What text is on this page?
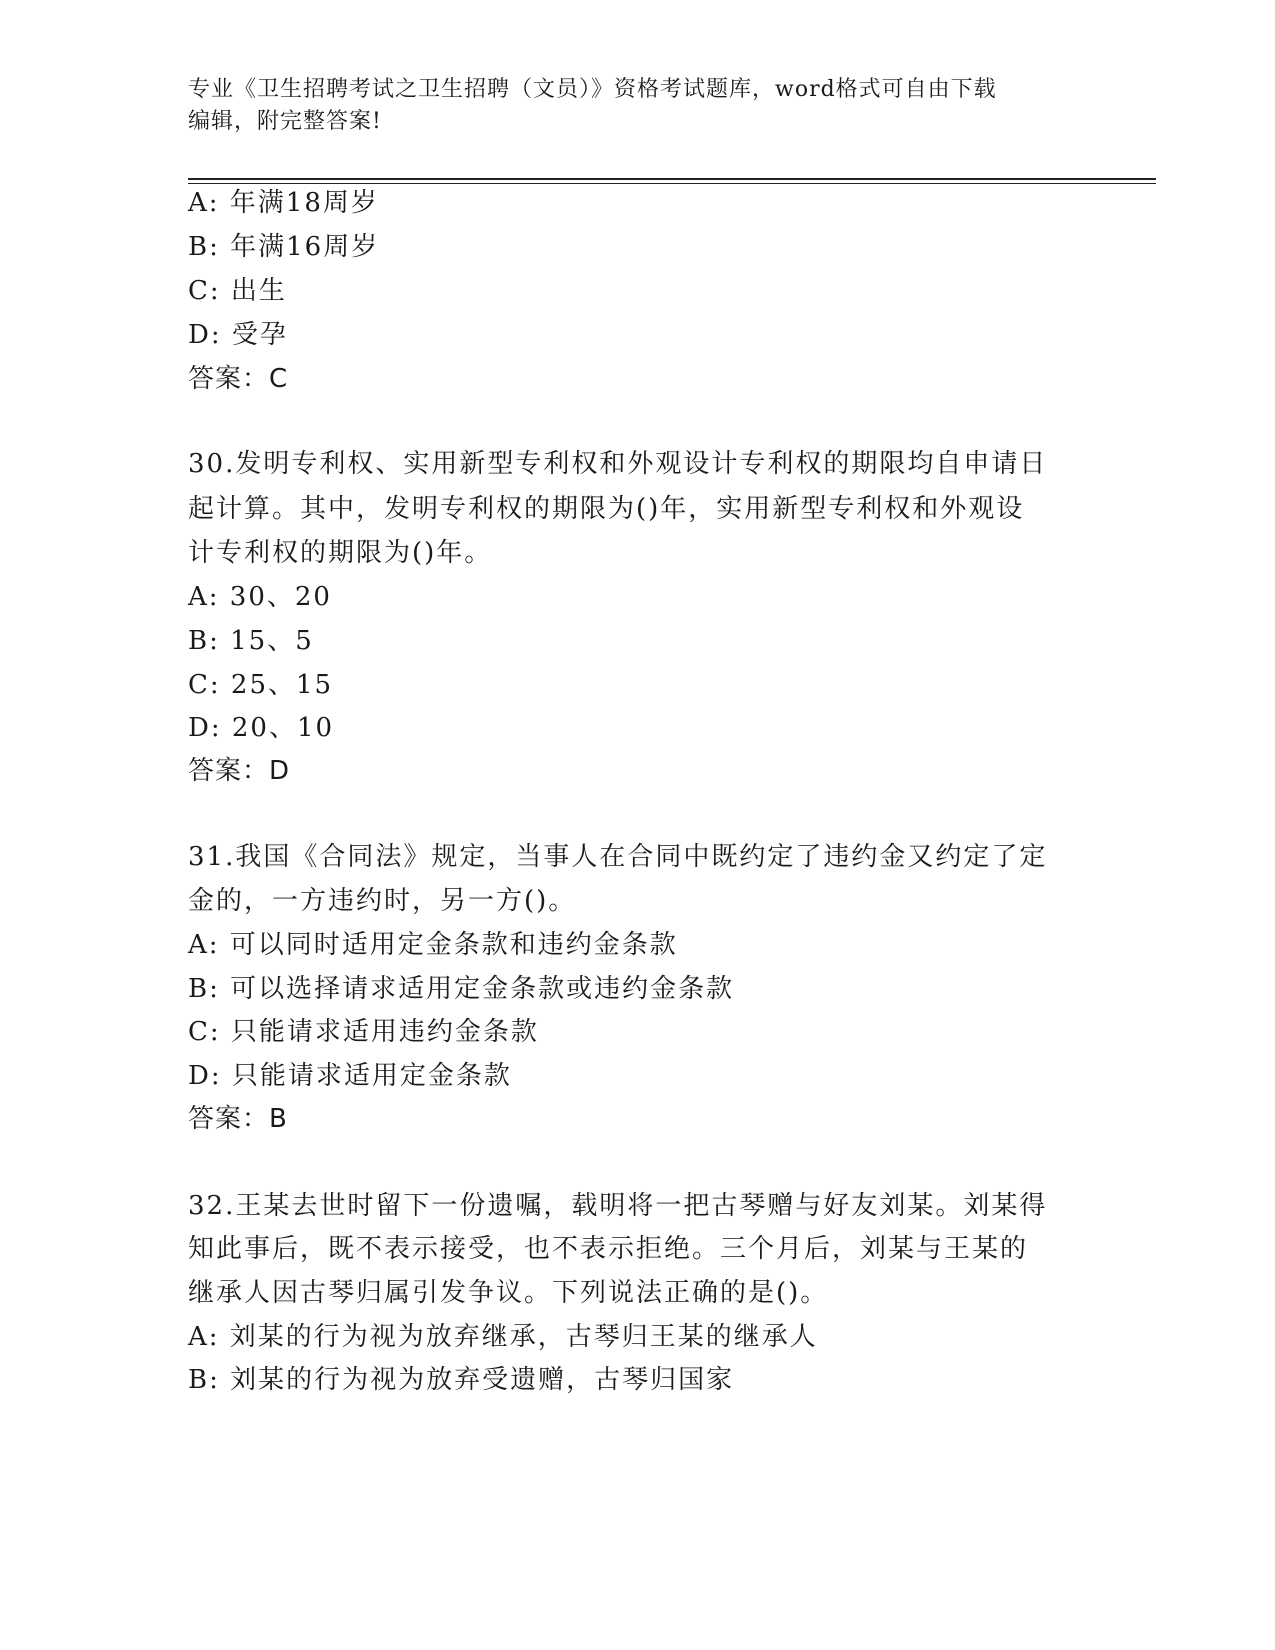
专业《卫生招聘考试之卫生招聘（文员）》资格考试题库，word格式可自由下载
编辑，附完整答案!
A: 年满18周岁
B: 年满16周岁
C: 出生
D: 受孕
答案：C
30.发明专利权、实用新型专利权和外观设计专利权的期限均自申请日
起计算。其中，发明专利权的期限为()年，实用新型专利权和外观设
计专利权的期限为()年。
A: 30、20
B: 15、5
C: 25、15
D: 20、10
答案：D
31.我国《合同法》规定，当事人在合同中既约定了违约金又约定了定
金的，一方违约时，另一方()。
A: 可以同时适用定金条款和违约金条款
B: 可以选择请求适用定金条款或违约金条款
C: 只能请求适用违约金条款
D: 只能请求适用定金条款
答案：B
32.王某去世时留下一份遗嘱，载明将一把古琴赠与好友刘某。刘某得
知此事后，既不表示接受，也不表示拒绝。三个月后，刘某与王某的
继承人因古琴归属引发争议。下列说法正确的是()。
A: 刘某的行为视为放弃继承，古琴归王某的继承人
B: 刘某的行为视为放弃受遗赠，古琴归国家
